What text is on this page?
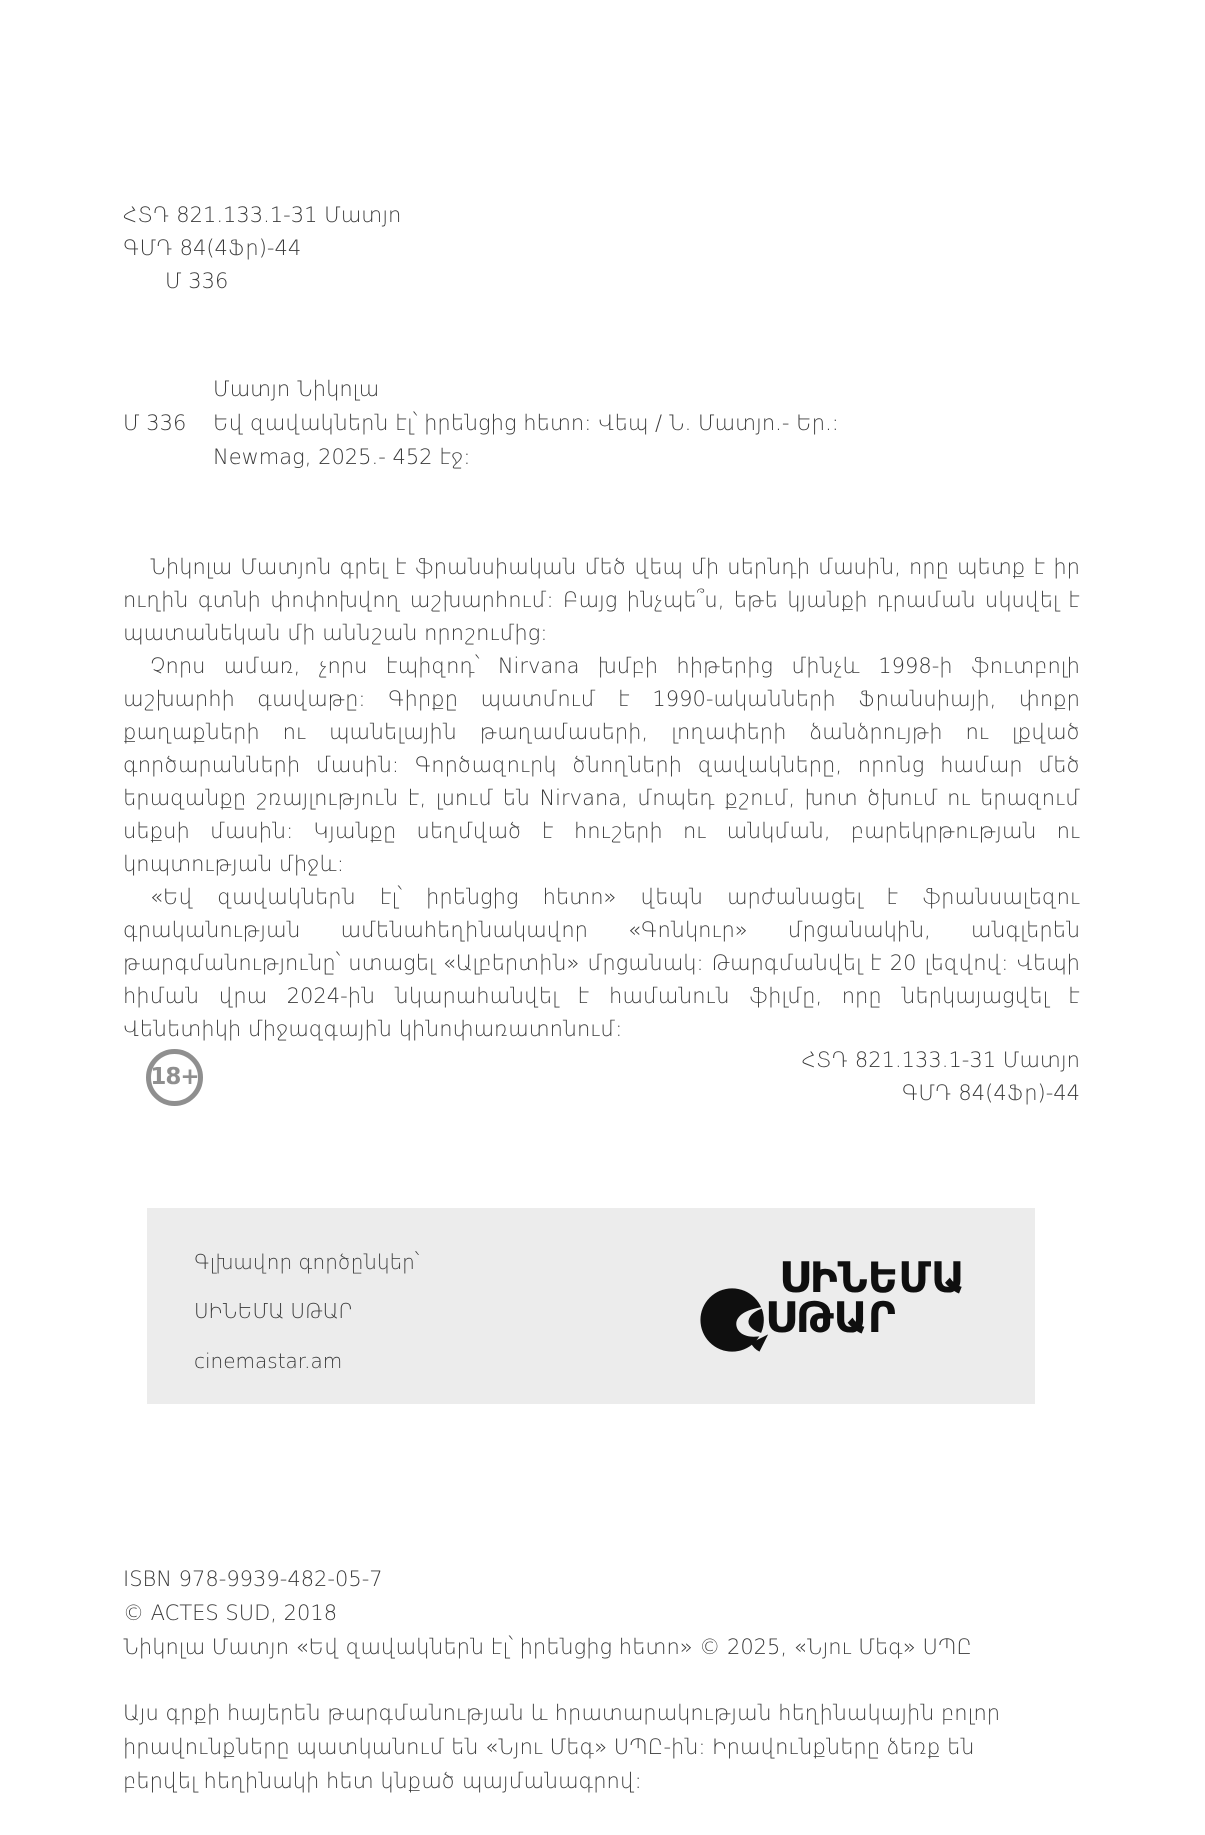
ՀՏԴ 821.133.1-31 Մատյո
ԳՄԴ 84(4Ֆր)-44
Մ 336
Մատյո Նիկոլա
Մ 336	Եվ զավակներն էլ՝ իրենցից հետո: Վեպ / Ն. Մատյո.- Եր.:
Newmag, 2025.- 452 էջ:

Նիկոլա Մատյոն գրել է ֆրանսիական մեծ վեպ մի սերնդի մասին, որը պետք է իր ուղին գտնի փոփոխվող աշխարհում: Բայց ինչպե՞ս, եթե կյանքի դրաման սկսվել է պատանեկան մի աննշան որոշումից:

Չորս ամառ, չորս էպիզոդ՝ Nirvana խմբի հիթերից մինչև 1998-ի ֆուտբոլի աշխարհի գավաթը: Գիրքը պատմում է 1990-ականների Ֆրանսիայի, փոքր քաղաքների ու պանելային թաղամասերի, լողափերի ձանձրույթի ու լքված գործարանների մասին: Գործազուրկ ծնողների զավակները, որոնց համար մեծ երազանքը շռայլություն է, լսում են Nirvana, մոպեդ քշում, խոտ ծխում ու երազում սեքսի մասին: Կյանքը սեղմված է հուշերի ու անկման, բարեկրթության ու կոպտության միջև:

«Եվ զավակներն էլ՝ իրենցից հետո» վեպն արժանացել է ֆրանսալեզու գրականության ամենահեղինակավոր «Գոնկուր» մրցանակին, անգլերեն թարգմանությունը՝ ստացել «Ալբերտին» մրցանակ: Թարգմանվել է 20 լեզվով: Վեպի հիման վրա 2024-ին նկարահանվել է համանուն ֆիլմը, որը ներկայացվել է Վենետիկի միջազգային կինոփառատոնում:

18+
ՀՏԴ 821.133.1-31 Մատյո
ԳՄԴ 84(4Ֆր)-44
Գլխավոր գործընկեր՝
ՍԻՆԵՄԱ ՍԹԱՐ
cinemastar.am
ՍԻՆԵՄԱ
ՍԹԱՐ
ISBN 978-9939-482-05-7
© ACTES SUD, 2018
Նիկոլա Մատյո «Եվ զավակներն էլ՝ իրենցից հետո» © 2025, «Նյու Մեգ» ՍՊԸ

Այս գրքի հայերեն թարգմանության և հրատարակության հեղինակային բոլոր իրավունքները պատկանում են «Նյու Մեգ» ՍՊԸ-ին: Իրավունքները ձեռք են բերվել հեղինակի հետ կնքած պայմանագրով:
